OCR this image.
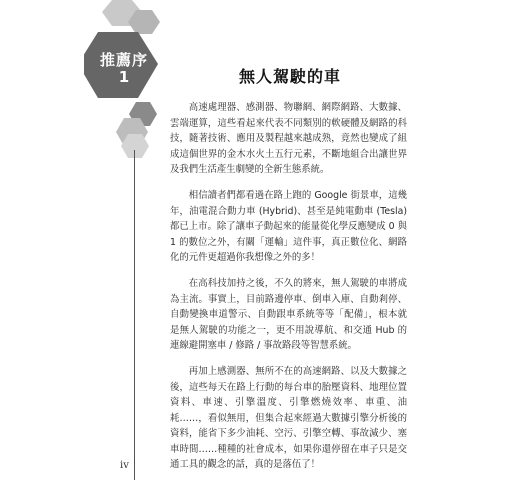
推薦序
1	無人駕駛的車

高速處理器、感測器、物聯網、網際網路、大數據、雲端運算，這些看起來代表不同類別的軟硬體及網路的科技，隨著技術、應用及製程越來越成熟，竟然也變成了組成這個世界的金木水火土五行元素，不斷地組合出讓世界及我們生活產生劇變的全新生態系統。

相信讀者們都看過在路上跑的 Google 街景車，這幾年，油電混合動力車 (Hybrid)、甚至是純電動車 (Tesla) 都已上市。除了讓車子動起來的能量從化學反應變成 0 與 1 的數位之外，有關「運輸」這件事，真正數位化、網路化的元件更超過你我想像之外的多！

在高科技加持之後，不久的將來，無人駕駛的車將成為主流。事實上，目前路邊停車、倒車入庫、自動剎停、自動變換車道警示、自動跟車系統等等「配備」，根本就是無人駕駛的功能之一，更不用說導航、和交通 Hub 的連線避開塞車 / 修路 / 事故路段等智慧系統。

再加上感測器、無所不在的高速網路、以及大數據之後，這些每天在路上行動的每台車的胎壓資料、地理位置資料、車速、引擎溫度、引擎燃燒效率、車重、油耗……，看似無用，但集合起來經過大數據引擎分析後的資料，能省下多少油耗、空污、引擎空轉、事故減少、塞車時間……種種的社會成本，如果你還停留在車子只是交通工具的觀念的話，真的是落伍了！

iv
